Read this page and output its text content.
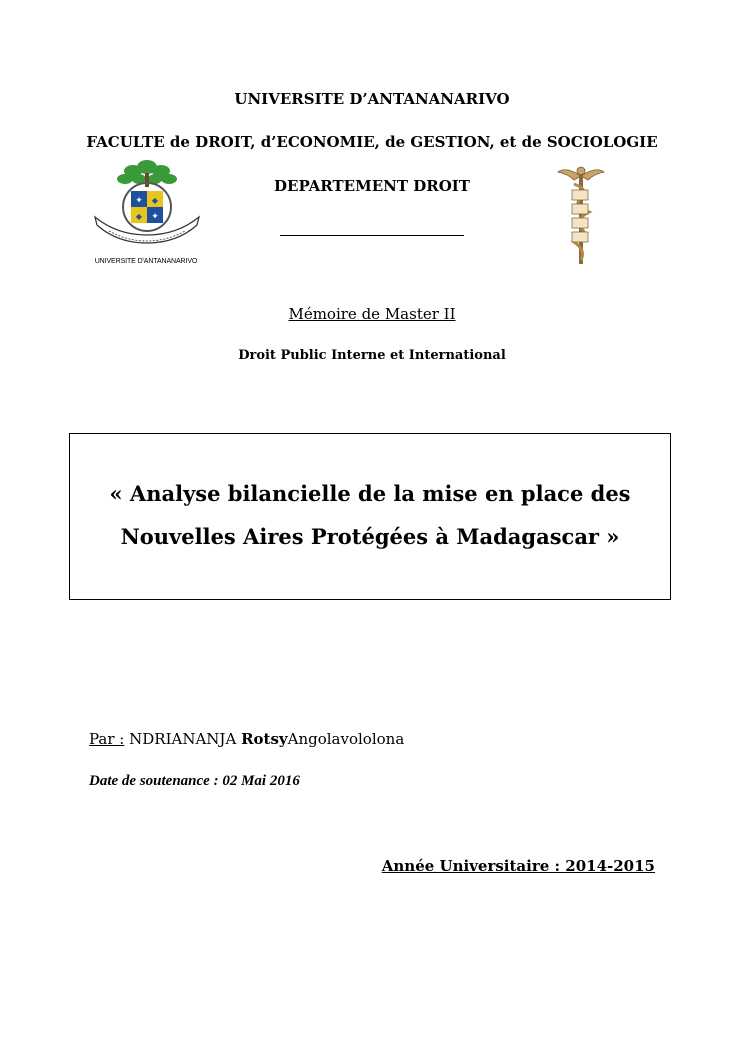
✦
✦
◆
◆
UNIVERSITE D'ANTANANARIVO
UNIVERSITE D’ANTANANARIVO
FACULTE de DROIT, d’ECONOMIE, de GESTION, et de SOCIOLOGIE
DEPARTEMENT DROIT
Mémoire de Master II
Droit Public Interne et International
« Analyse bilancielle de la mise en place des
Nouvelles Aires Protégées à Madagascar »
Par : NDRIANANJA RotsyAngolavololona
Date de soutenance : 02 Mai 2016
Année Universitaire : 2014-2015
